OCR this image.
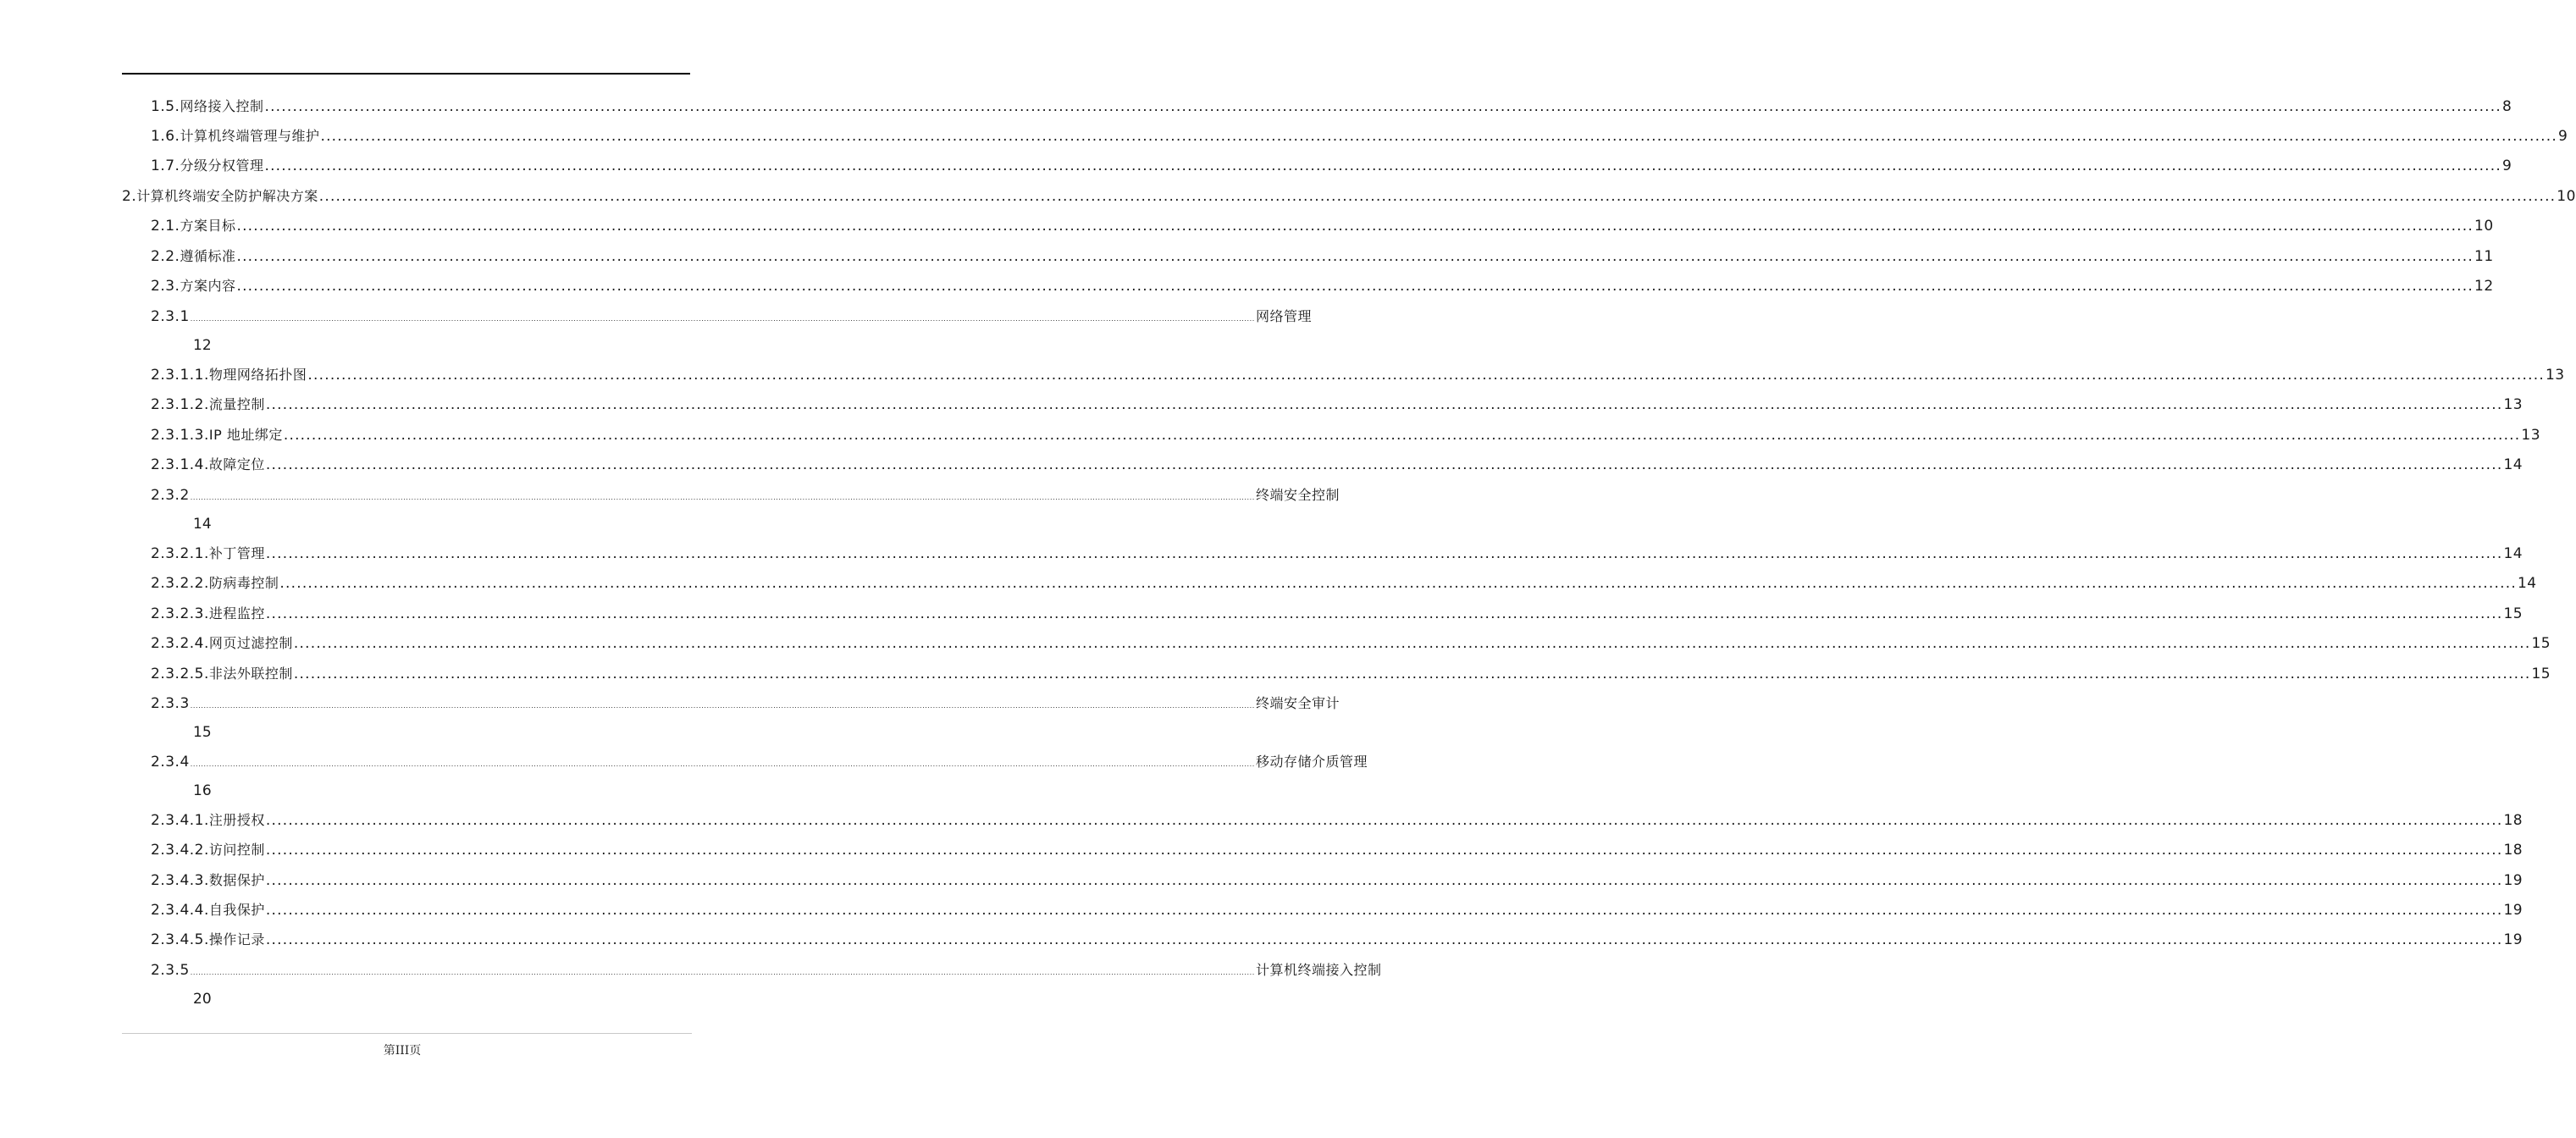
1.5. 网络接入控制 ................................................................................................................................................................................................................................................................................................................................................................................................................ 8
1.6. 计算机终端管理与维护 ................................................................................................................................................................................................................................................................................................................................................................................................................ 9
1.7. 分级分权管理 ................................................................................................................................................................................................................................................................................................................................................................................................................ 9
2. 计算机终端安全防护解决方案 ................................................................................................................................................................................................................................................................................................................................................................................................................ 10
2.1. 方案目标 ................................................................................................................................................................................................................................................................................................................................................................................................................ 10
2.2. 遵循标准 ................................................................................................................................................................................................................................................................................................................................................................................................................ 11
2.3. 方案内容 ................................................................................................................................................................................................................................................................................................................................................................................................................ 12
2.3.1 ................................................................................................................................................................................................................................................................................................................................................................................................................ 网络管理
12
2.3.1.1. 物理网络拓扑图 ................................................................................................................................................................................................................................................................................................................................................................................................................ 13
2.3.1.2. 流量控制 ................................................................................................................................................................................................................................................................................................................................................................................................................ 13
2.3.1.3. IP 地址绑定 ................................................................................................................................................................................................................................................................................................................................................................................................................ 13
2.3.1.4. 故障定位 ................................................................................................................................................................................................................................................................................................................................................................................................................ 14
2.3.2 ................................................................................................................................................................................................................................................................................................................................................................................................................ 终端安全控制
14
2.3.2.1. 补丁管理 ................................................................................................................................................................................................................................................................................................................................................................................................................ 14
2.3.2.2. 防病毒控制 ................................................................................................................................................................................................................................................................................................................................................................................................................ 14
2.3.2.3. 进程监控 ................................................................................................................................................................................................................................................................................................................................................................................................................ 15
2.3.2.4. 网页过滤控制 ................................................................................................................................................................................................................................................................................................................................................................................................................ 15
2.3.2.5. 非法外联控制 ................................................................................................................................................................................................................................................................................................................................................................................................................ 15
2.3.3 ................................................................................................................................................................................................................................................................................................................................................................................................................ 终端安全审计
15
2.3.4 ................................................................................................................................................................................................................................................................................................................................................................................................................ 移动存储介质管理
16
2.3.4.1. 注册授权 ................................................................................................................................................................................................................................................................................................................................................................................................................ 18
2.3.4.2. 访问控制 ................................................................................................................................................................................................................................................................................................................................................................................................................ 18
2.3.4.3. 数据保护 ................................................................................................................................................................................................................................................................................................................................................................................................................ 19
2.3.4.4. 自我保护 ................................................................................................................................................................................................................................................................................................................................................................................................................ 19
2.3.4.5. 操作记录 ................................................................................................................................................................................................................................................................................................................................................................................................................ 19
2.3.5 ................................................................................................................................................................................................................................................................................................................................................................................................................ 计算机终端接入控制
20
第III页
